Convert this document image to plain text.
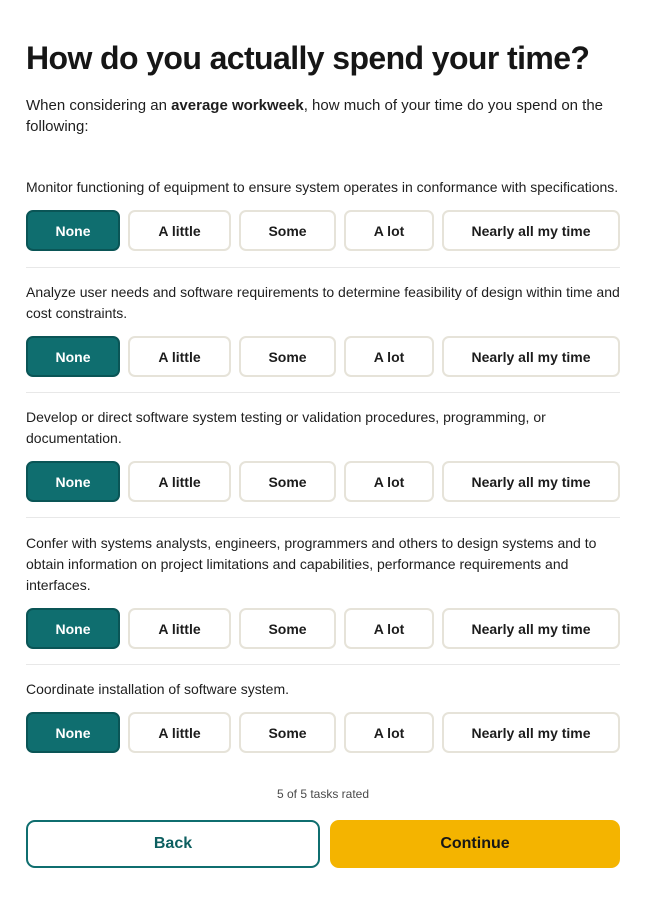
How do you actually spend your time?
When considering an average workweek, how much of your time do you spend on the following:

Monitor functioning of equipment to ensure system operates in conformance with specifications.

None	A little	Some	A lot	Nearly all my time

Analyze user needs and software requirements to determine feasibility of design within time and cost constraints.

None	A little	Some	A lot	Nearly all my time

Develop or direct software system testing or validation procedures, programming, or documentation.

None	A little	Some	A lot	Nearly all my time

Confer with systems analysts, engineers, programmers and others to design systems and to obtain information on project limitations and capabilities, performance requirements and interfaces.

None	A little	Some	A lot	Nearly all my time

Coordinate installation of software system.

None	A little	Some	A lot	Nearly all my time
5 of 5 tasks rated
Back	Continue
